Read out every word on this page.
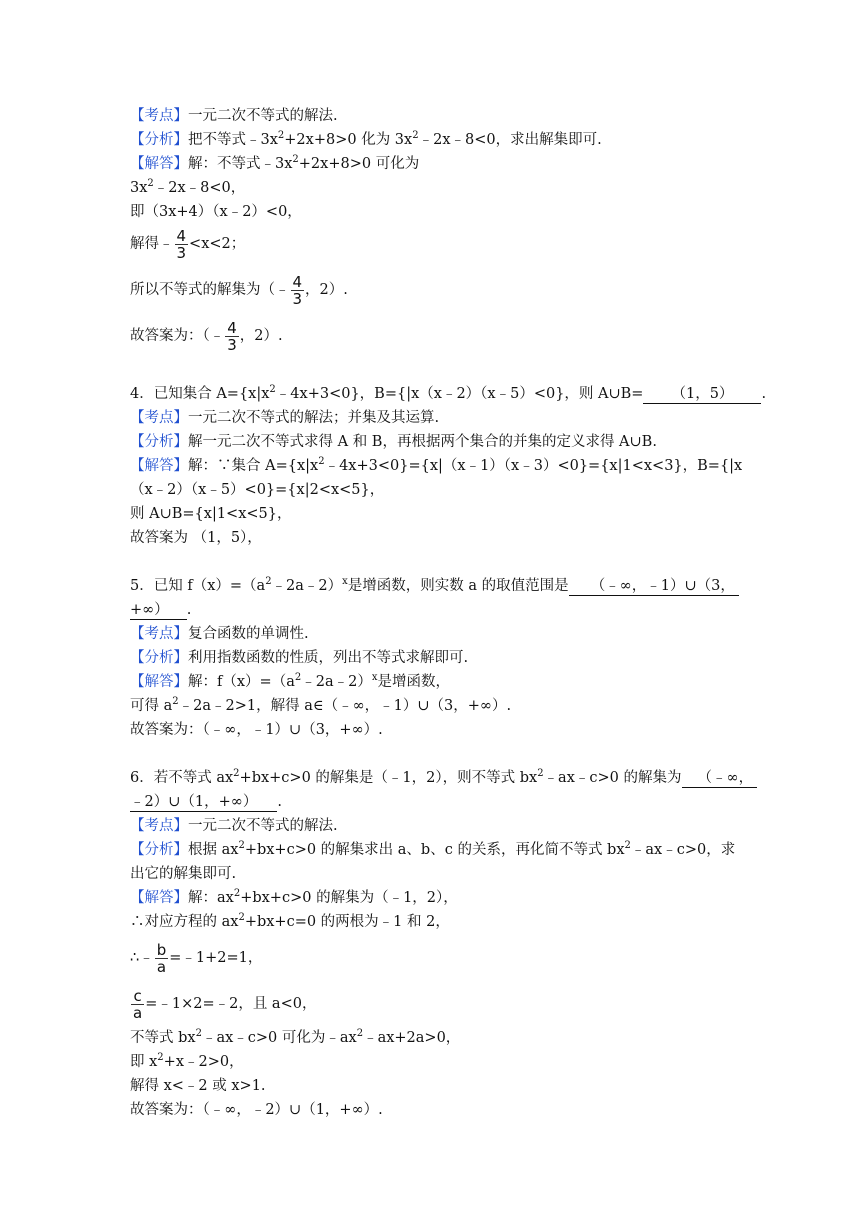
【考点】一元二次不等式的解法.
【分析】把不等式$﹣3x^2+2x+8>0$ 化为 $3x^2﹣2x﹣8<0$，求出解集即可.
【解答】解：不等式$﹣3x^2+2x+8>0$ 可化为
$3x^2﹣2x﹣8<0$，
即（3x+4）（x﹣2）<0，
解得﹣ $\frac{4}{3} <x<2$；
所以不等式的解集为（﹣ $\frac{4}{3}$ ，2）.
故答案为：（﹣ $\frac{4}{3}$ ，2）.
4．已知集合 $A=\{x|x^2﹣4x+3<0\}$，B={|x（x﹣2）（x﹣5）<0}，则 A∪B= （1，5） .
【考点】一元二次不等式的解法；并集及其运算.
【分析】解一元二次不等式求得 A 和 B，再根据两个集合的并集的定义求得 A∪B.
【解答】解：∵集合 $A=\{x|x^2﹣4x+3<0\}=\{x|(x﹣1)(x﹣3)<0\}=\{x|1<x<3\}$，B={|x
（x﹣2）（x﹣5）<0}={x|2<x<5}，
则 A∪B={x|1<x<5}，
故答案为 （1，5），
5．已知 $f(x)=(a^2﹣2a﹣2)^x$是增函数，则实数 a 的取值范围是 （﹣∞，﹣1）∪（3，
+∞） .
【考点】复合函数的单调性.
【分析】利用指数函数的性质，列出不等式求解即可.
【解答】解：$f(x)=(a^2﹣2a﹣2)^x$是增函数，
可得 $a^2﹣2a﹣2>1$，解得 a∈（﹣∞，﹣1）∪（3，+∞）.
故答案为：（﹣∞，﹣1）∪（3，+∞）.
6．若不等式 $ax^2+bx+c>0$ 的解集是（﹣1，2），则不等式 $bx^2﹣ax﹣c>0$ 的解集为 （﹣∞，
﹣2）∪（1，+∞） .
【考点】一元二次不等式的解法.
【分析】根据 $ax^2+bx+c>0$ 的解集求出 a、b、c 的关系，再化简不等式 $bx^2﹣ax﹣c>0$，求
出它的解集即可.
【解答】解：$ax^2+bx+c>0$ 的解集为（﹣1，2），
∴对应方程的 $ax^2+bx+c=0$ 的两根为﹣1 和 2，
∴﹣ $\frac{b}{a}$ =﹣1+2=1，
$\frac{c}{a}$ =﹣1×2=﹣2，且 a<0，
不等式 $bx^2﹣ax﹣c>0$ 可化为$﹣ax^2﹣ax+2a>0$，
即 $x^2+x﹣2>0$，
解得 x<﹣2 或 x>1.
故答案为：（﹣∞，﹣2）∪（1，+∞）.
